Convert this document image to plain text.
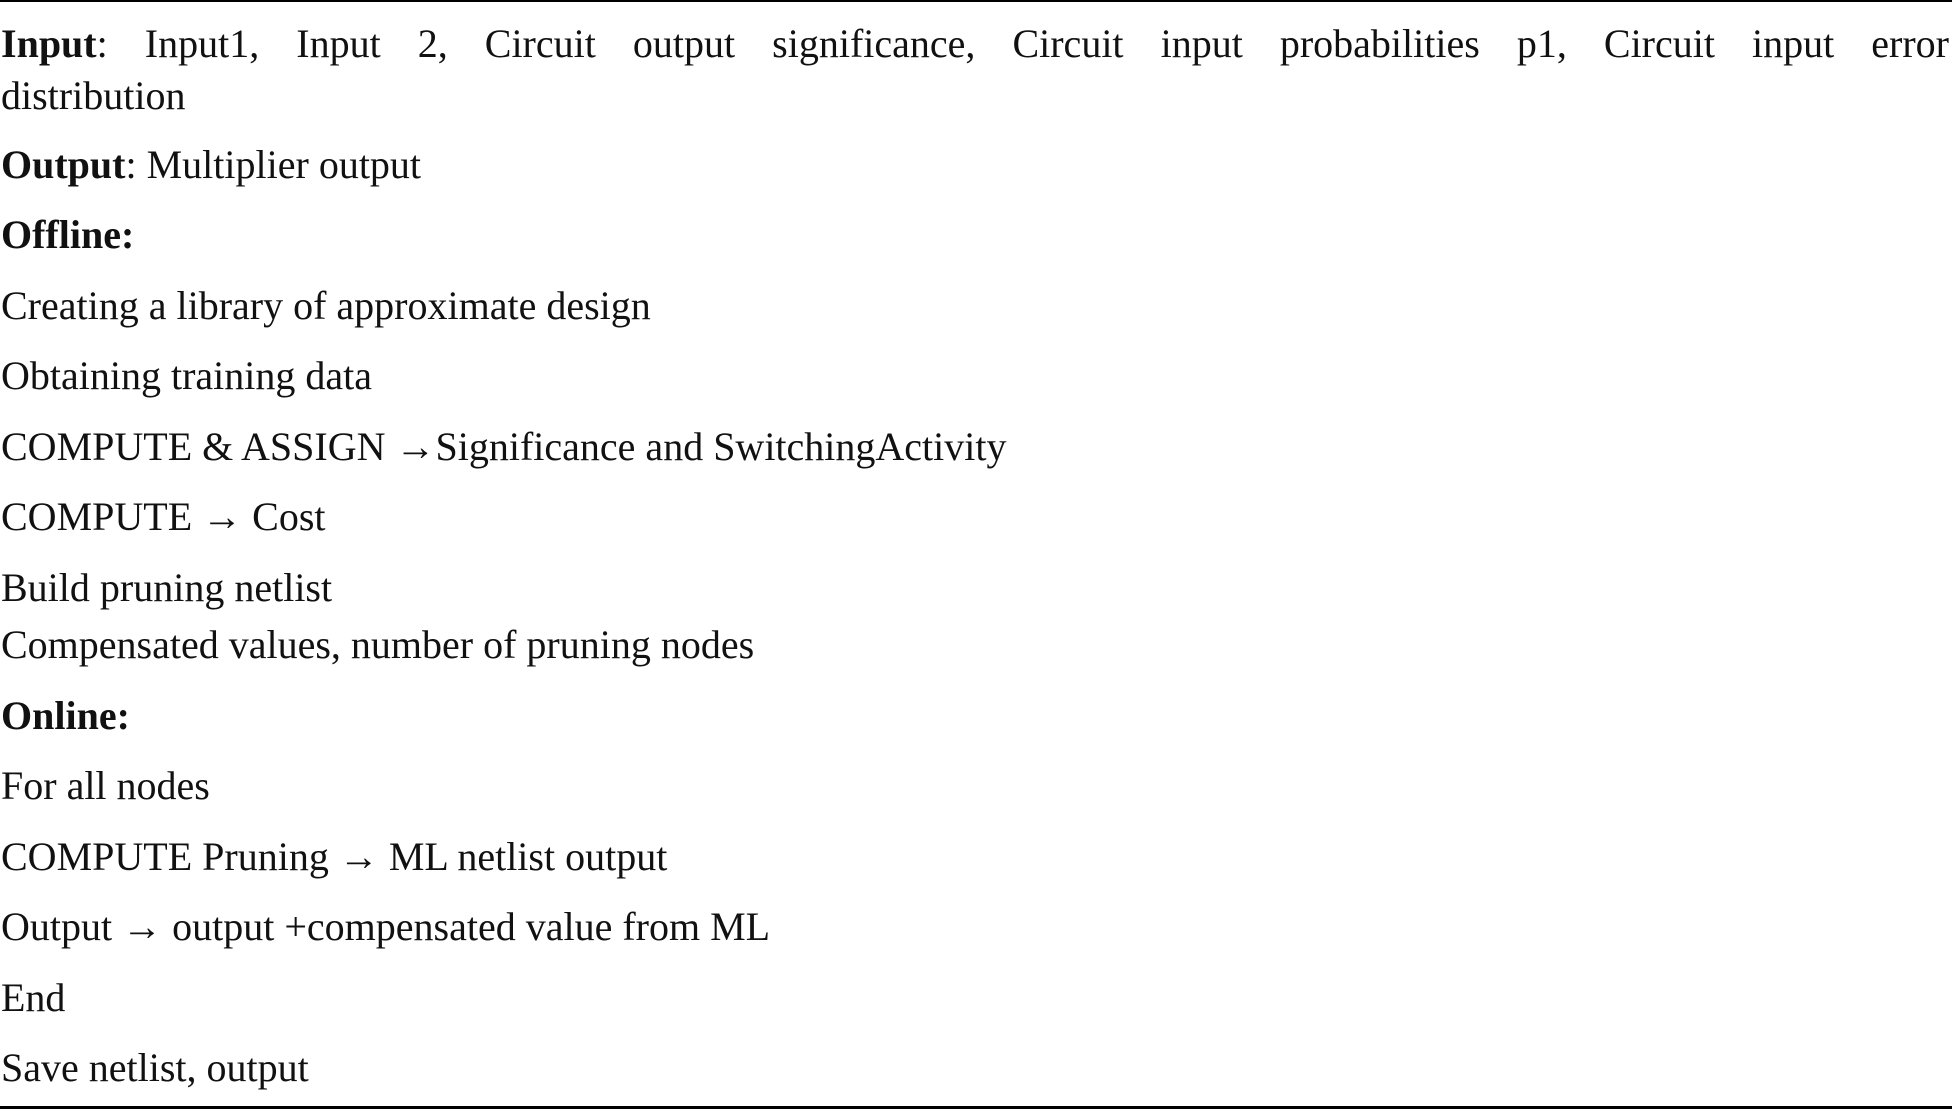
Input: Input1, Input 2, Circuit output significance, Circuit input probabilities p1, Circuit input error
distribution
Output: Multiplier output
Offline:
Creating a library of approximate design
Obtaining training data
COMPUTE & ASSIGN →Significance and SwitchingActivity
COMPUTE → Cost
Build pruning netlist
Compensated values, number of pruning nodes
Online:
For all nodes
COMPUTE Pruning → ML netlist output
Output → output +compensated value from ML
End
Save netlist, output
